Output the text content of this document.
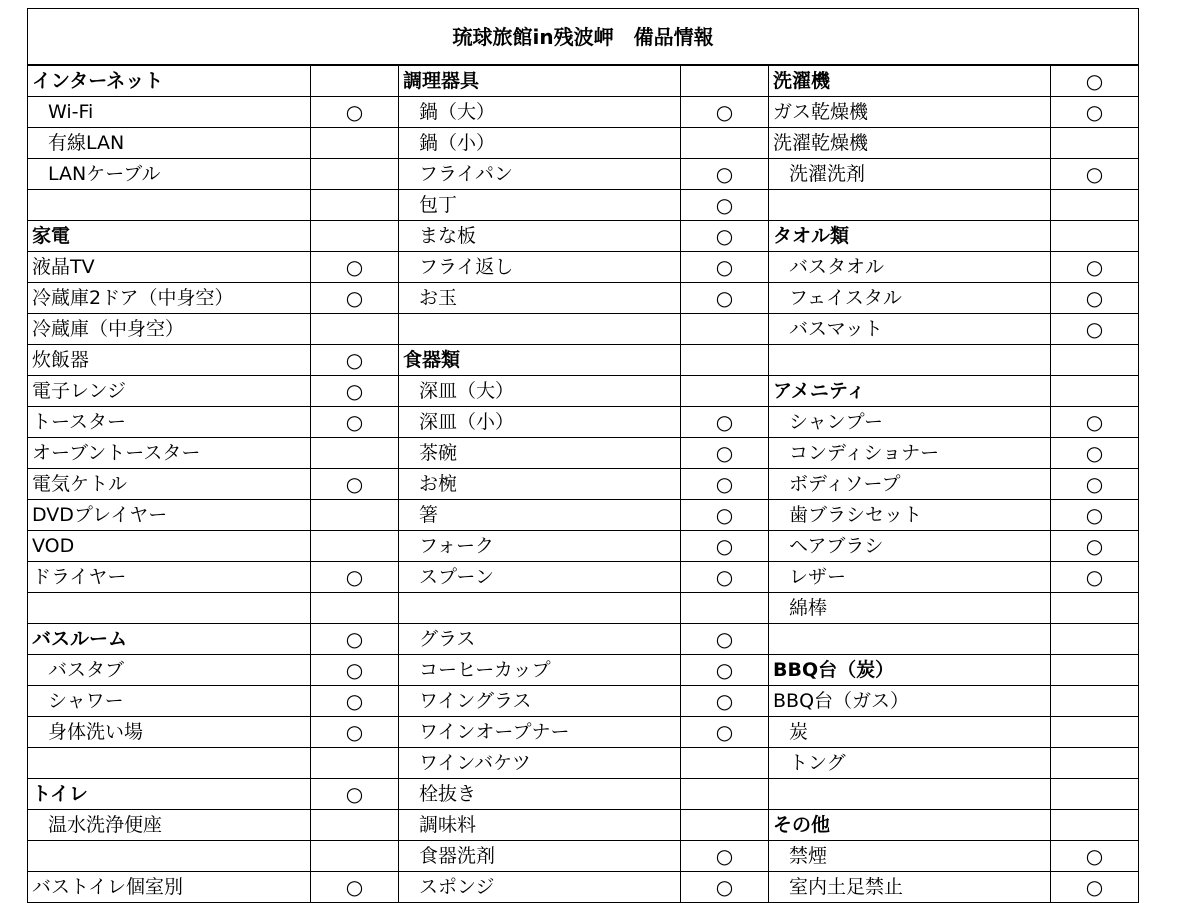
琉球旅館in残波岬　備品情報					
インターネット		調理器具		洗濯機	○
Wi-Fi	○	鍋（大）	○	ガス乾燥機	○
有線LAN		鍋（小）		洗濯乾燥機	
LANケーブル		フライパン	○	洗濯洗剤	○
		包丁	○		
家電		まな板	○	タオル類	
液晶TV	○	フライ返し	○	バスタオル	○
冷蔵庫2ドア（中身空）	○	お玉	○	フェイスタル	○
冷蔵庫（中身空）				バスマット	○
炊飯器	○	食器類			
電子レンジ	○	深皿（大）		アメニティ	
トースター	○	深皿（小）	○	シャンプー	○
オーブントースター		茶碗	○	コンディショナー	○
電気ケトル	○	お椀	○	ボディソープ	○
DVDプレイヤー		箸	○	歯ブラシセット	○
VOD		フォーク	○	ヘアブラシ	○
ドライヤー	○	スプーン	○	レザー	○
				綿棒	
バスルーム	○	グラス	○		
バスタブ	○	コーヒーカップ	○	BBQ台（炭）	
シャワー	○	ワイングラス	○	BBQ台（ガス）	
身体洗い場	○	ワインオープナー	○	炭	
		ワインバケツ		トング	
トイレ	○	栓抜き			
温水洗浄便座		調味料		その他	
		食器洗剤	○	禁煙	○
バストイレ個室別	○	スポンジ	○	室内土足禁止	○
